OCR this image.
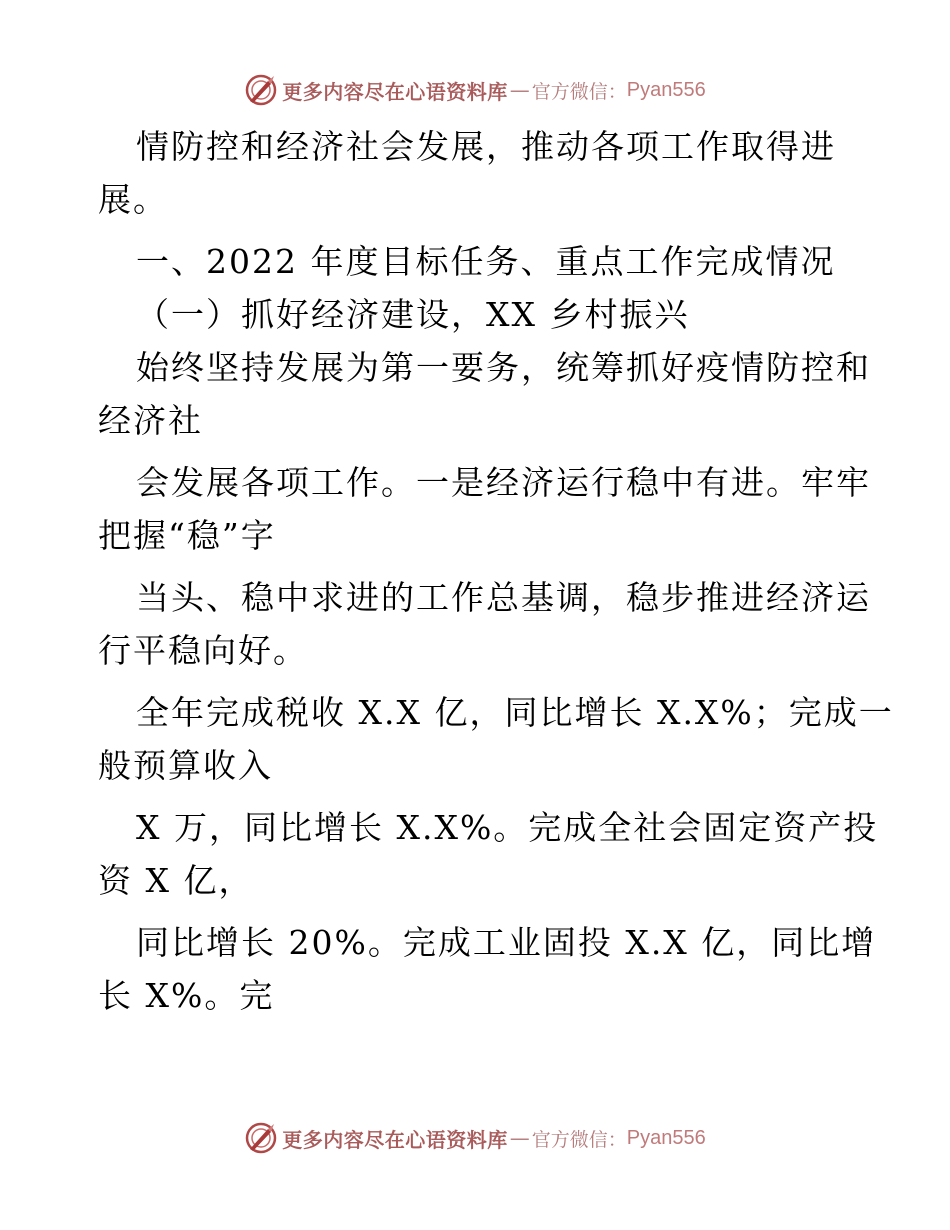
更多内容尽在心语资料库 — 官方微信： Pyan556
情防控和经济社会发展，推动各项工作取得进
展。
一、2022 年度目标任务、重点工作完成情况
（一）抓好经济建设，XX 乡村振兴
始终坚持发展为第一要务，统筹抓好疫情防控和
经济社
会发展各项工作。一是经济运行稳中有进。牢牢
把握“稳”字
当头、稳中求进的工作总基调，稳步推进经济运
行平稳向好。
全年完成税收 X.X 亿，同比增长 X.X%；完成一
般预算收入
X 万，同比增长 X.X%。完成全社会固定资产投
资 X 亿，
同比增长 20%。完成工业固投 X.X 亿，同比增
长 X%。完
更多内容尽在心语资料库 — 官方微信： Pyan556
